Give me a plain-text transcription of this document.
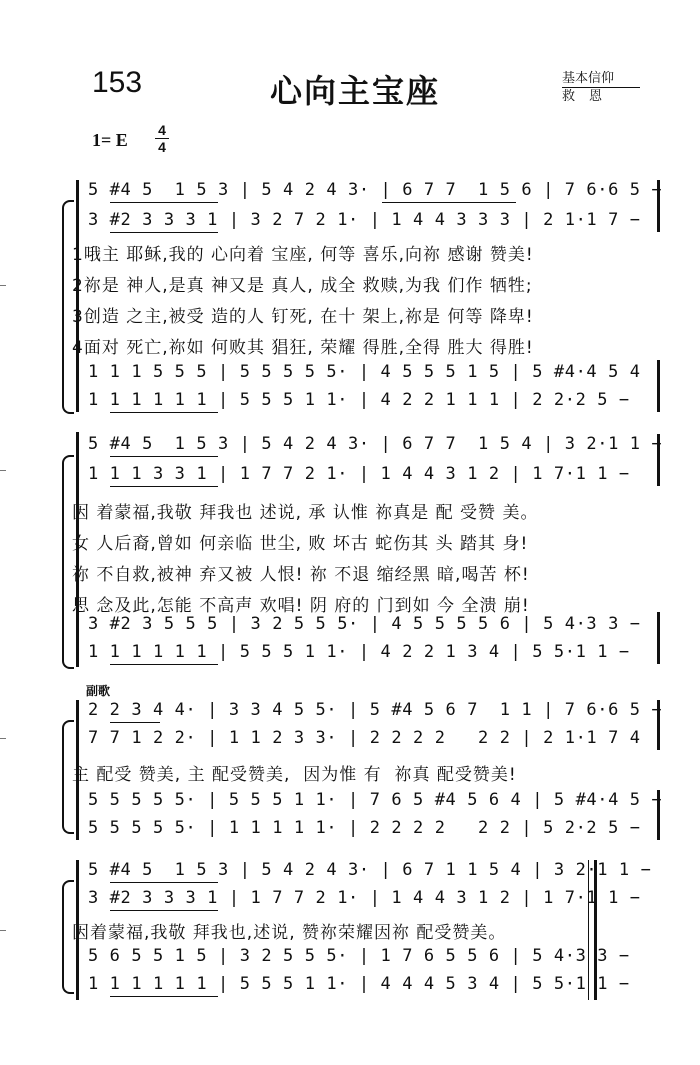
153	心向主宝座	基本信仰
救恩
1= E 4
4
5 #4 5  1 5 3 | 5 4 2 4 3· | 6 7 7  1 5 6 | 7 6·6 5 −
3 #2 3 3 3 1 | 3 2 7 2 1· | 1 4 4 3 3 3 | 2 1·1 7 −
1哦主 耶稣,我的 心向着 宝座, 何等 喜乐,向祢 感谢 赞美!
2祢是 神人,是真 神又是 真人, 成全 救赎,为我 们作 牺牲;
3创造 之主,被受 造的人 钉死, 在十 架上,祢是 何等 降卑!
4面对 死亡,祢如 何败其 猖狂, 荣耀 得胜,全得 胜大 得胜!
1 1 1 5 5 5 | 5 5 5 5 5· | 4 5 5 5 1 5 | 5 #4·4 5 4
1 1 1 1 1 1 | 5 5 5 1 1· | 4 2 2 1 1 1 | 2 2·2 5 −
5 #4 5  1 5 3 | 5 4 2 4 3· | 6 7 7  1 5 4 | 3 2·1 1 −
1 1 1 3 3 1 | 1 7 7 2 1· | 1 4 4 3 1 2 | 1 7·1 1 −
因 着蒙福,我敬 拜我也 述说, 承 认惟 祢真是 配 受赞 美。
女 人后裔,曾如 何亲临 世尘, 败 坏古 蛇伤其 头 踏其 身!
祢 不自救,被神 弃又被 人恨! 祢 不退 缩经黑 暗,喝苦 杯!
思 念及此,怎能 不高声 欢唱! 阴 府的 门到如 今 全溃 崩!
3 #2 3 5 5 5 | 3 2 5 5 5· | 4 5 5 5 5 6 | 5 4·3 3 −
1 1 1 1 1 1 | 5 5 5 1 1· | 4 2 2 1 3 4 | 5 5·1 1 −
副歌
2 2 3 4 4· | 3 3 4 5 5· | 5 #4 5 6 7  1 1 | 7 6·6 5 −
7 7 1 2 2· | 1 1 2 3 3· | 2 2 2 2   2 2 | 2 1·1 7 4
主 配受 赞美, 主 配受赞美,  因为惟 有  祢真 配受赞美!
5 5 5 5 5· | 5 5 5 1 1· | 7 6 5 #4 5 6 4 | 5 #4·4 5 −
5 5 5 5 5· | 1 1 1 1 1· | 2 2 2 2   2 2 | 5 2·2 5 −
5 #4 5  1 5 3 | 5 4 2 4 3· | 6 7 1 1 5 4 | 3 2·1 1 −
3 #2 3 3 3 1 | 1 7 7 2 1· | 1 4 4 3 1 2 | 1 7·1 1 −
因着蒙福,我敬 拜我也,述说, 赞祢荣耀因祢 配受赞美。
5 6 5 5 1 5 | 3 2 5 5 5· | 1 7 6 5 5 6 | 5 4·3 3 −
1 1 1 1 1 1 | 5 5 5 1 1· | 4 4 4 5 3 4 | 5 5·1 1 −
